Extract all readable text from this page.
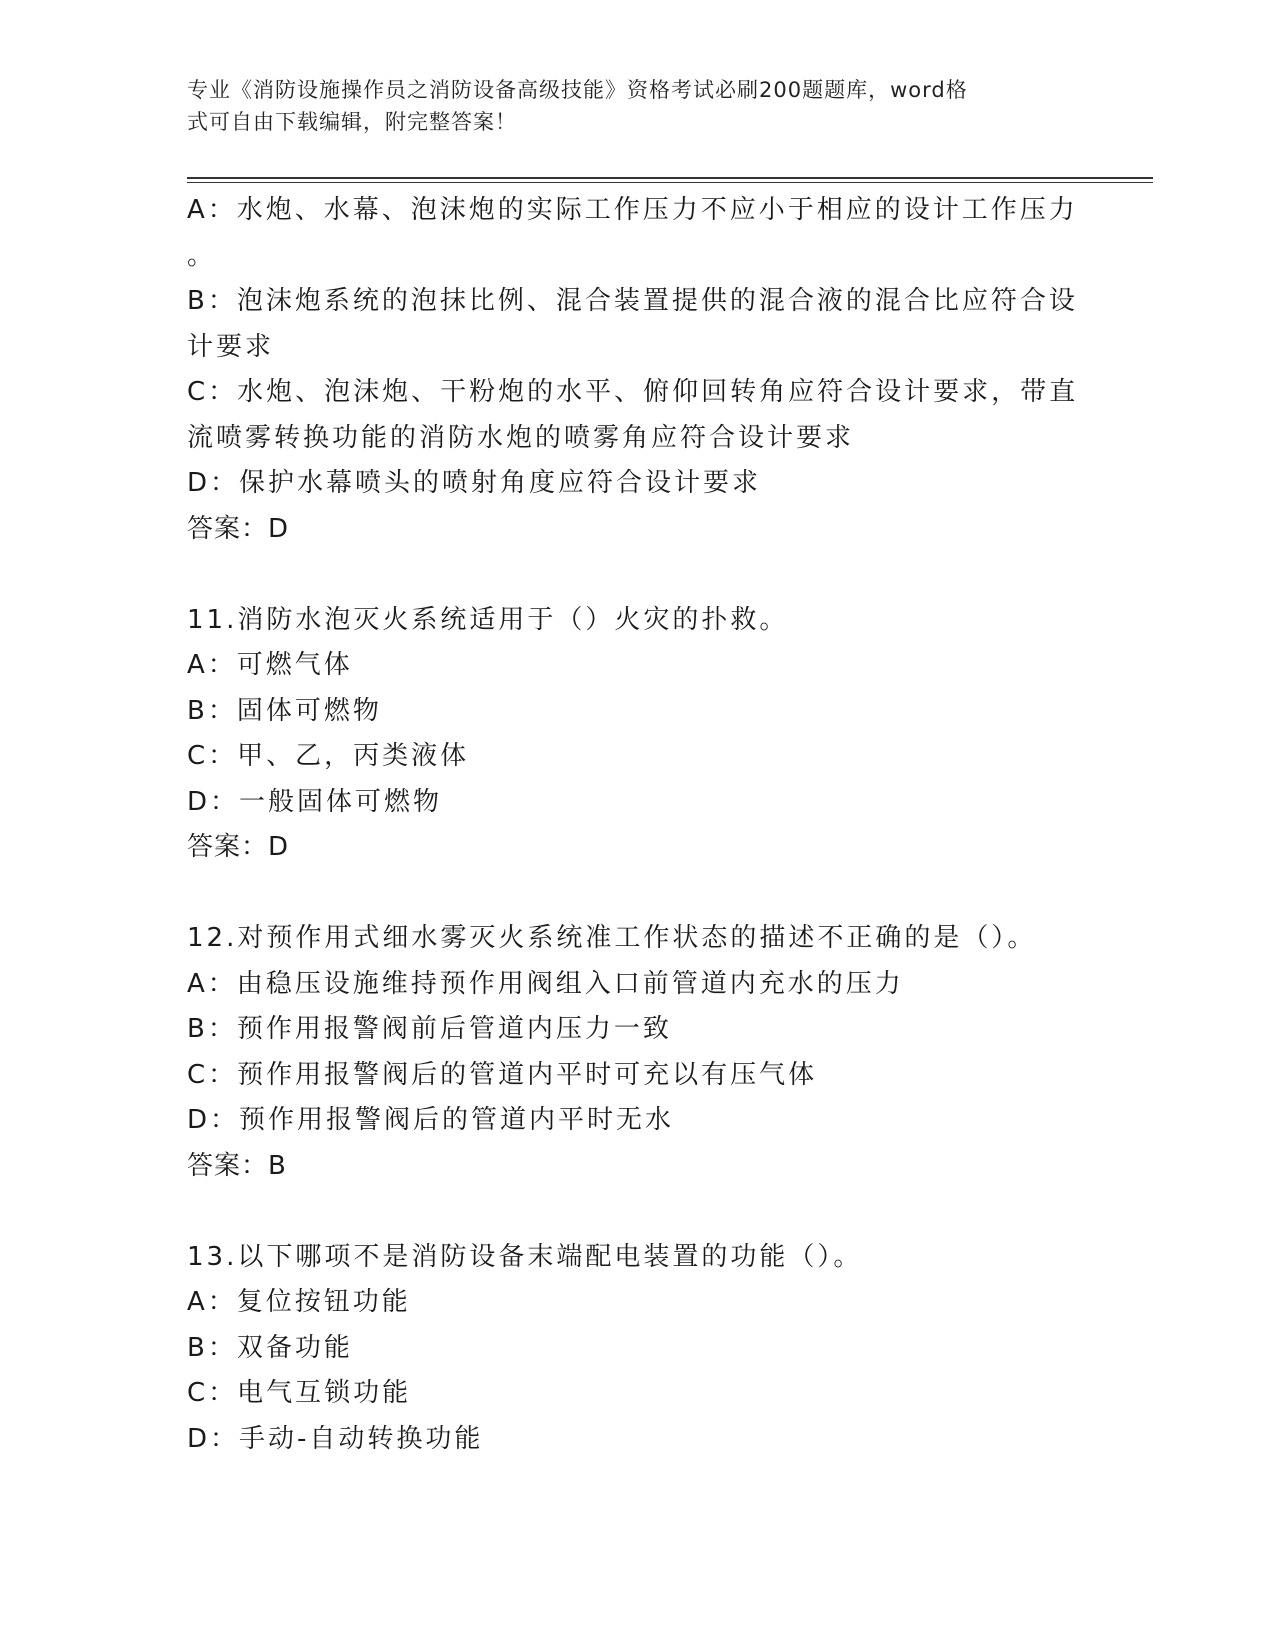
专业《消防设施操作员之消防设备高级技能》资格考试必刷200题题库，word格
式可自由下载编辑，附完整答案！
A：水炮、水幕、泡沫炮的实际工作压力不应小于相应的设计工作压力
。
B：泡沫炮系统的泡抹比例、混合装置提供的混合液的混合比应符合设
计要求
C：水炮、泡沫炮、干粉炮的水平、俯仰回转角应符合设计要求，带直
流喷雾转换功能的消防水炮的喷雾角应符合设计要求
D：保护水幕喷头的喷射角度应符合设计要求
答案：D
11.消防水泡灭火系统适用于（）火灾的扑救。
A：可燃气体
B：固体可燃物
C：甲、乙，丙类液体
D：一般固体可燃物
答案：D
12.对预作用式细水雾灭火系统准工作状态的描述不正确的是（）。
A：由稳压设施维持预作用阀组入口前管道内充水的压力
B：预作用报警阀前后管道内压力一致
C：预作用报警阀后的管道内平时可充以有压气体
D：预作用报警阀后的管道内平时无水
答案：B
13.以下哪项不是消防设备末端配电装置的功能（）。
A：复位按钮功能
B：双备功能
C：电气互锁功能
D：手动-自动转换功能
